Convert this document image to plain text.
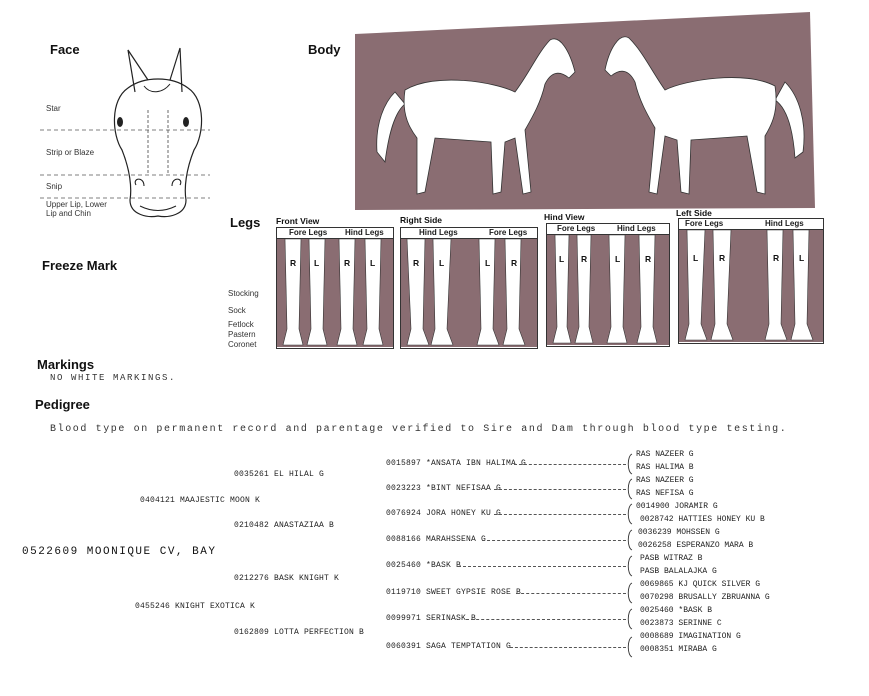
Face
Star
Strip or Blaze
Snip
Upper Lip, Lower
Lip and Chin
Body
Legs
Stocking
Sock
Fetlock
Pastern
Coronet
Front View	Right Side	Hind View	Left Side
Fore Legs Hind Legs
R L	R L
Hind Legs	Fore Legs
R L	L R
Fore Legs	Hind Legs
L R	L	R
Fore Legs	Hind Legs
L R	R L
Freeze Mark
Markings
NO WHITE MARKINGS.
Pedigree
Blood type on permanent record and parentage verified to Sire and Dam through blood type testing.
0522609 MOONIQUE CV, BAY
0404121 MAAJESTIC MOON K
0455246 KNIGHT EXOTICA K
0035261 EL HILAL G
0210482 ANASTAZIAA B
0212276 BASK KNIGHT K
0162809 LOTTA PERFECTION B
0015897 *ANSATA IBN HALIMA G
0023223 *BINT NEFISAA G
0076924 JORA HONEY KU G
0088166 MARAHSSENA G
0025460 *BASK B
0119710 SWEET GYPSIE ROSE B
0099971 SERINASK B
0060391 SAGA TEMPTATION G
RAS NAZEER G
RAS HALIMA B
RAS NAZEER G
RAS NEFISA G
0014900 JORAMIR G
0028742 HATTIES HONEY KU B
0036239 MOHSSEN G
0026258 ESPERANZO MARA B
PASB WITRAZ B
PASB BALALAJKA G
0069865 KJ QUICK SILVER G
0070298 BRUSALLY ZBRUANNA G
0025460 *BASK B
0023873 SERINNE C
0008689 IMAGINATION G
0008351 MIRABA G
